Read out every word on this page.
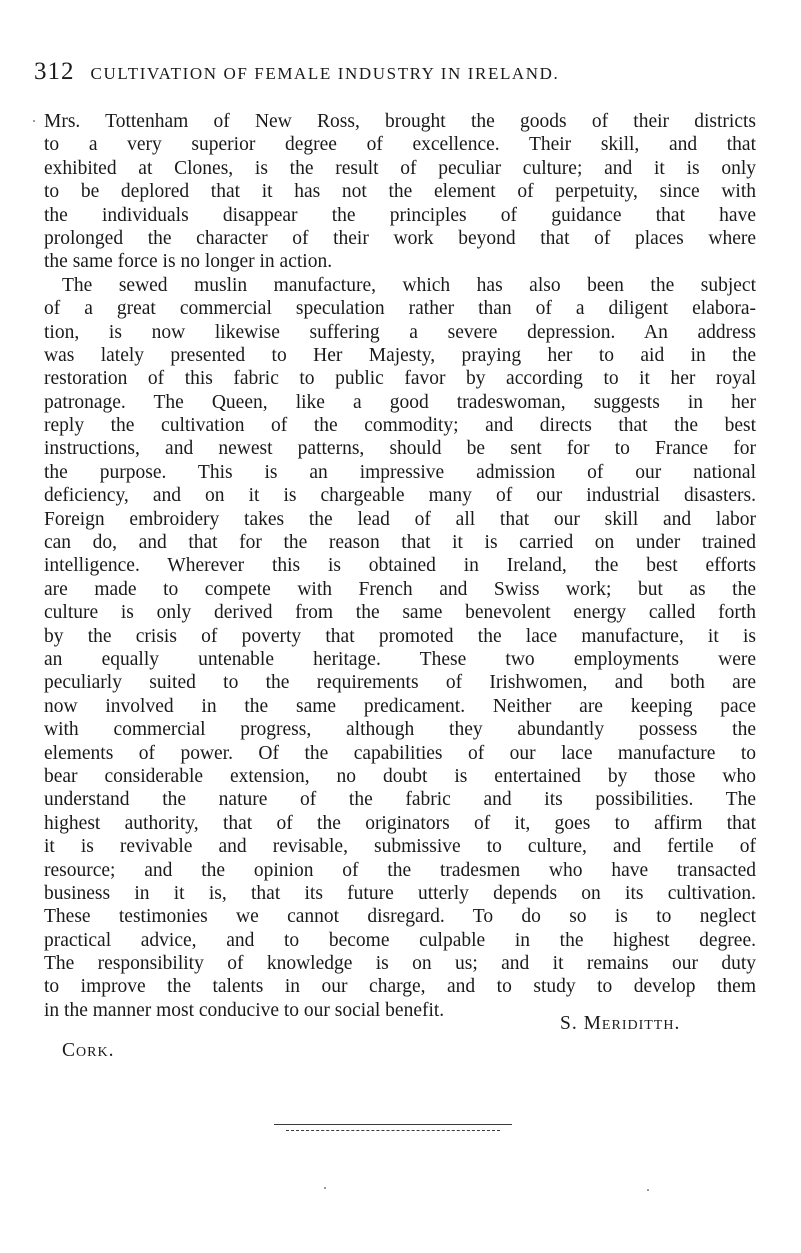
312 CULTIVATION OF FEMALE INDUSTRY IN IRELAND.
Mrs. Tottenham of New Ross, brought the goods of their districts
to a very superior degree of excellence. Their skill, and that
exhibited at Clones, is the result of peculiar culture; and it is only
to be deplored that it has not the element of perpetuity, since with
the individuals disappear the principles of guidance that have
prolonged the character of their work beyond that of places where
the same force is no longer in action.
The sewed muslin manufacture, which has also been the subject
of a great commercial speculation rather than of a diligent elabora-
tion, is now likewise suffering a severe depression. An address
was lately presented to Her Majesty, praying her to aid in the
restoration of this fabric to public favor by according to it her royal
patronage. The Queen, like a good tradeswoman, suggests in her
reply the cultivation of the commodity; and directs that the best
instructions, and newest patterns, should be sent for to France for
the purpose. This is an impressive admission of our national
deficiency, and on it is chargeable many of our industrial disasters.
Foreign embroidery takes the lead of all that our skill and labor
can do, and that for the reason that it is carried on under trained
intelligence. Wherever this is obtained in Ireland, the best efforts
are made to compete with French and Swiss work; but as the
culture is only derived from the same benevolent energy called forth
by the crisis of poverty that promoted the lace manufacture, it is
an equally untenable heritage. These two employments were
peculiarly suited to the requirements of Irishwomen, and both are
now involved in the same predicament. Neither are keeping pace
with commercial progress, although they abundantly possess the
elements of power. Of the capabilities of our lace manufacture to
bear considerable extension, no doubt is entertained by those who
understand the nature of the fabric and its possibilities. The
highest authority, that of the originators of it, goes to affirm that
it is revivable and revisable, submissive to culture, and fertile of
resource; and the opinion of the tradesmen who have transacted
business in it is, that its future utterly depends on its cultivation.
These testimonies we cannot disregard. To do so is to neglect
practical advice, and to become culpable in the highest degree.
The responsibility of knowledge is on us; and it remains our duty
to improve the talents in our charge, and to study to develop them
in the manner most conducive to our social benefit.
S. Meriditth.
Cork.
